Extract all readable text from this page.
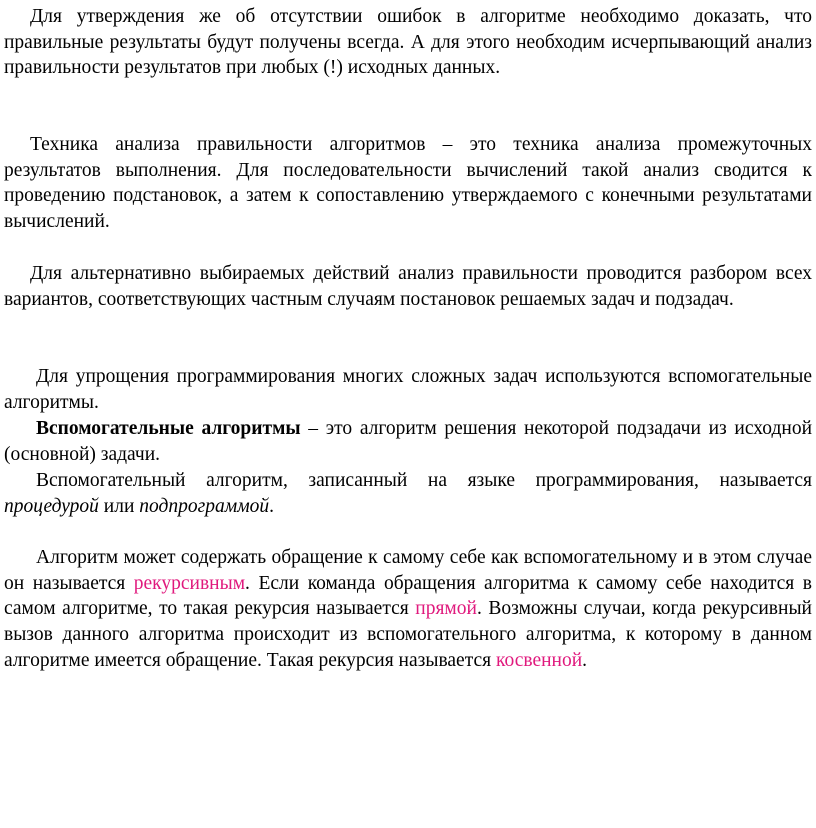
Для утверждения же об отсутствии ошибок в алгоритме необходимо доказать, что правильные результаты будут получены всегда. А для этого необходим исчерпывающий анализ правильности результатов при любых (!) исходных данных.

Техника анализа правильности алгоритмов – это техника анализа промежуточных результатов выполнения. Для последовательности вычислений такой анализ сводится к проведению подстановок, а затем к сопоставлению утверждаемого с конечными результатами вычислений.

Для альтернативно выбираемых действий анализ правильности проводится разбором всех вариантов, соответствующих частным случаям постановок решаемых задач и подзадач.

Для упрощения программирования многих сложных задач используются вспомогательные алгоритмы.

Вспомогательные алгоритмы – это алгоритм решения некоторой подзадачи из исходной (основной) задачи.

Вспомогательный алгоритм, записанный на языке программирования, называется процедурой или подпрограммой.

Алгоритм может содержать обращение к самому себе как вспомогательному и в этом случае он называется рекурсивным. Если команда обращения алгоритма к самому себе находится в самом алгоритме, то такая рекурсия называется прямой. Возможны случаи, когда рекурсивный вызов данного алгоритма происходит из вспомогательного алгоритма, к которому в данном алгоритме имеется обращение. Такая рекурсия называется косвенной.
